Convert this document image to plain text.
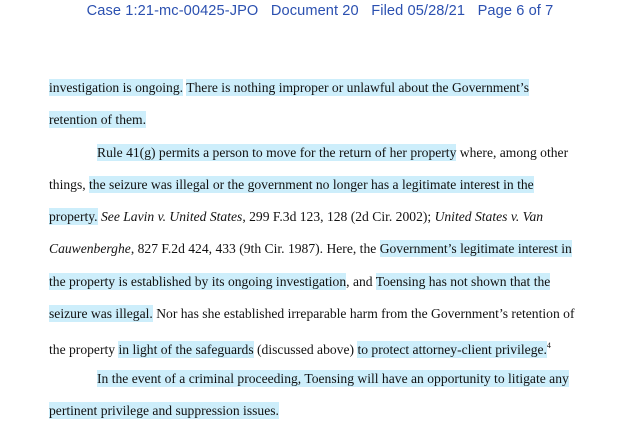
Case 1:21-mc-00425-JPO   Document 20   Filed 05/28/21   Page 6 of 7
investigation is ongoing. There is nothing improper or unlawful about the Government’s
retention of them.
Rule 41(g) permits a person to move for the return of her property where, among other
things, the seizure was illegal or the government no longer has a legitimate interest in the
property. See Lavin v. United States, 299 F.3d 123, 128 (2d Cir. 2002); United States v. Van
Cauwenberghe, 827 F.2d 424, 433 (9th Cir. 1987). Here, the Government’s legitimate interest in
the property is established by its ongoing investigation, and Toensing has not shown that the
seizure was illegal. Nor has she established irreparable harm from the Government’s retention of
the property in light of the safeguards (discussed above) to protect attorney-client privilege.$^4$
In the event of a criminal proceeding, Toensing will have an opportunity to litigate any
pertinent privilege and suppression issues.
